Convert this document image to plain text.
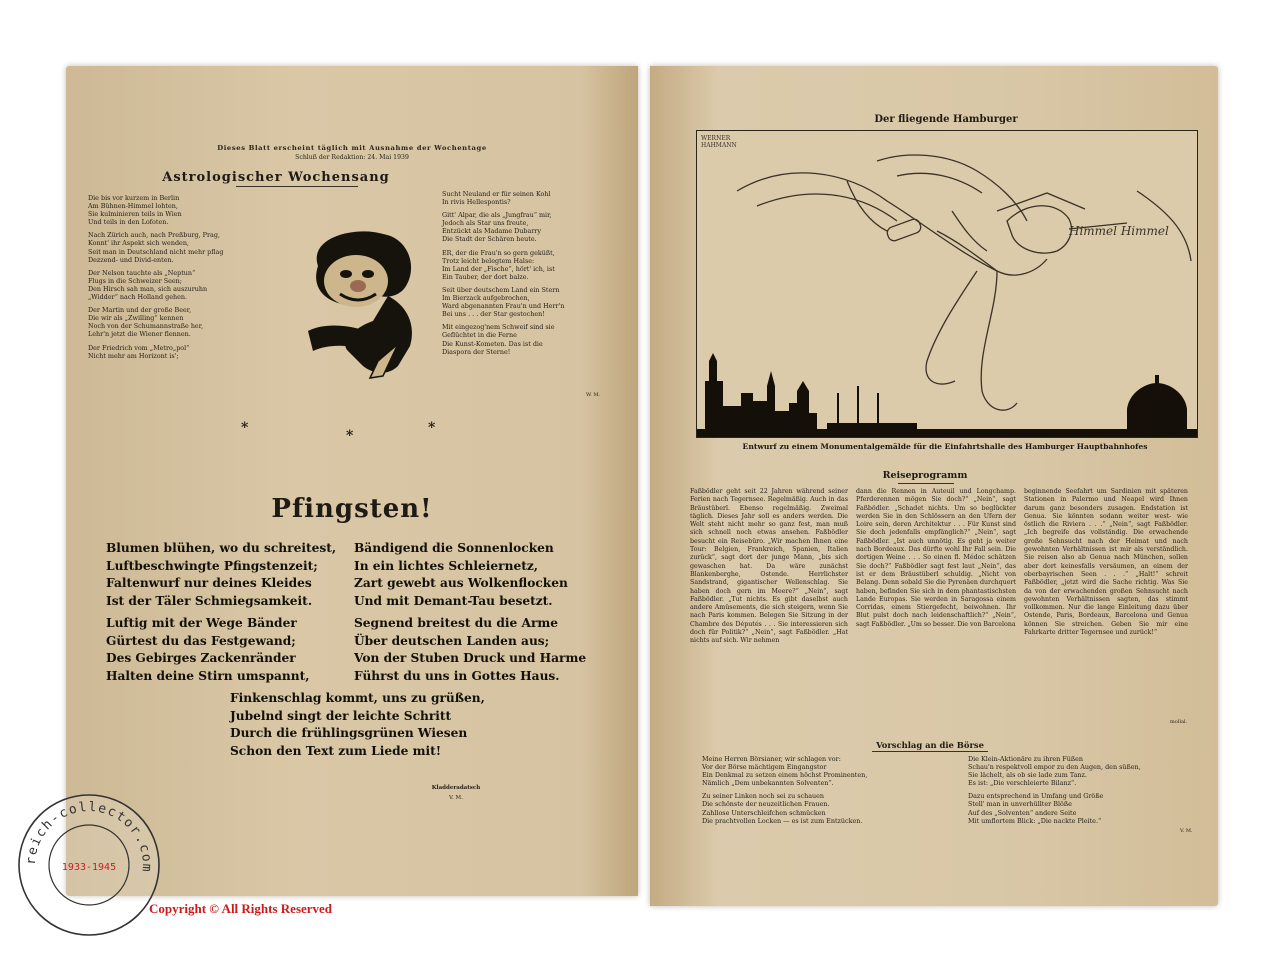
Dieses Blatt erscheint täglich mit Ausnahme der Wochentage
Schluß der Redaktion: 24. Mai 1939
Astrologischer Wochensang
Die bis vor kurzem in Berlin
Am Bühnen-Himmel lohten,
Sie kulminieren teils in Wien
Und teils in den Lofoten.

Nach Zürich auch, nach Preßburg, Prag,
Konnt' ihr Aspekt sich wenden,
Seit man in Deutschland nicht mehr pflag
Dezzend- und Divid-enten.

Der Nelson tauchte als „Neptun“
Flugs in die Schweizer Seen;
Den Hirsch sah man, sich auszuruhn
„Widder“ nach Holland gehen.

Der Martin und der große Beer,
Die wir als „Zwilling“ kennen
Noch von der Schumannstraße her,
Lehr'n jetzt die Wiener flennen.

Der Friedrich vom „Metro„pol“
Nicht mehr am Horizont is';
Sucht Neuland er für seinen Kohl
In rivis Hellespontis?

Gitt' Alpar, die als „Jungfrau“ mir,
Jedoch als Star uns freute,
Entzückt als Madame Dubarry
Die Stadt der Schären heute.

ER, der die Frau'n so gern geküßt,
Trotz leicht belegtem Halse:
Im Land der „Fische“, hört' ich, ist
Ein Tauber, der dort balze.

Seit über deutschem Land ein Stern
Im Bierzack aufgebrochen,
Ward abgenannten Frau'n und Herr'n
Bei uns . . . der Star gestochen!

Mit eingezog'nem Schweif sind sie
Geflüchtet in die Ferne
Die Kunst-Kometen. Das ist die
Diaspora der Sterne!
W. M.
*	*	*
Pfingsten!
Blumen blühen, wo du schreitest,
Luftbeschwingte Pfingstenzeit;
Faltenwurf nur deines Kleides
Ist der Täler Schmiegsamkeit.

Luftig mit der Wege Bänder
Gürtest du das Festgewand;
Des Gebirges Zackenränder
Halten deine Stirn umspannt,
Bändigend die Sonnenlocken
In ein lichtes Schleiernetz,
Zart gewebt aus Wolkenflocken
Und mit Demant-Tau besetzt.

Segnend breitest du die Arme
Über deutschen Landen aus;
Von der Stuben Druck und Harme
Führst du uns in Gottes Haus.
Finkenschlag kommt, uns zu grüßen,
Jubelnd singt der leichte Schritt
Durch die frühlingsgrünen Wiesen
Schon den Text zum Liede mit!
Kladderadatsch
V. M.
Der fliegende Hamburger
WERNER HAHMANN
Himmel Himmel
Entwurf zu einem Monumentalgemälde für die Einfahrtshalle des Hamburger Hauptbahnhofes
Reiseprogramm
Faßbödler geht seit 22 Jahren während seiner Ferien nach Tegernsee. Regelmäßig. Auch in das Bräustüberl. Ebenso regelmäßig. Zweimal täglich. Dieses Jahr soll es anders werden. Die Welt steht nicht mehr so ganz fest, man muß sich schnell noch etwas ansehen. Faßbödler besucht ein Reisebüro. „Wir machen Ihnen eine Tour: Belgien, Frankreich, Spanien, Italien zurück“, sagt dort der junge Mann, „bis sich gewaschen hat. Da wäre zunächst Blankenberghe, Ostende. Herrlichster Sandstrand, gigantischer Wellenschlag. Sie haben doch gern im Meere?“ „Nein“, sagt Faßbödler. „Tut nichts. Es gibt daselbst auch andere Amüsements, die sich steigern, wenn Sie nach Paris kommen. Belegen Sie Sitzung in der Chambre des Députés . . . Sie interessieren sich doch für Politik?“ „Nein“, sagt Faßbödler. „Hat nichts auf sich. Wir nehmen
dann die Rennen in Auteuil und Longchamp. Pferderennen mögen Sie doch?“ „Nein“, sagt Faßbödler. „Schadet nichts. Um so beglückter werden Sie in den Schlössern an den Ufern der Loire sein, deren Architektur . . . Für Kunst sind Sie doch jedenfalls empfänglich?“ „Nein“, sagt Faßbödler. „Ist auch unnötig. Es geht ja weiter nach Bordeaux. Das dürfte wohl Ihr Fall sein. Die dortigen Weine . . . So einen fl. Médoc schätzen Sie doch?“ Faßbödler sagt fest laut „Nein“, das ist er dem Bräustüberl schuldig. „Nicht von Belang. Denn sobald Sie die Pyrenäen durchquert haben, befinden Sie sich in dem phantastischsten Lande Europas. Sie werden in Saragossa einem Corridas, einem Stiergefecht, beiwohnen. Ihr Blut pulst doch nach leidenschaftlich?“ „Nein“, sagt Faßbödler. „Um so besser. Die von Barcelona
beginnende Seefahrt um Sardinien mit späteren Stationen in Palermo und Neapel wird Ihnen darum ganz besonders zusagen. Endstation ist Genua. Sie könnten sodann weiter west- wie östlich die Riviera . . .“ „Nein“, sagt Faßbödler. „Ich begreife das vollständig. Die erwachende große Sehnsucht nach der Heimat und nach gewohnten Verhältnissen ist mir als verständlich. Sie reisen also ab Genua nach München, sollen aber dort keinesfalls versäumen, an einem der oberbayrischen Seen . . .“ „Halt!“ schreit Faßbödler, „jetzt wird die Sache richtig. Was Sie da von der erwachenden großen Sehnsucht nach gewohnten Verhältnissen sagten, das stimmt vollkommen. Nur die lange Einleitung dazu über Ostende, Paris, Bordeaux, Barcelona und Genua können Sie streichen. Geben Sie mir eine Fahrkarte dritter Tegernsee und zurück!“
mollal.
Vorschlag an die Börse
Meine Herren Börsianer, wir schlagen vor:
Vor der Börse mächtigem Eingangstor
Ein Denkmal zu setzen einem höchst Prominenten,
Nämlich „Dem unbekannten Solventen“.

Zu seiner Linken noch sei zu schauen
Die schönste der neuzeitlichen Frauen.
Zahllose Unterschleifchen schmücken
Die prachtvollen Locken — es ist zum Entzücken.
Die Klein-Aktionäre zu ihren Füßen
Schau'n respektvoll empor zu den Augen, den süßen,
Sie lächelt, als ob sie lade zum Tanz.
Es ist: „Die verschleierte Bilanz“.

Dazu entsprechend in Umfang und Größe
Stell' man in unverhüllter Blöße
Auf des „Solventen“ andere Seite
Mit umflortem Blick: „Die nackte Pleite.“
V. M.
reich-collector.com
1933-1945
Copyright © All Rights Reserved
